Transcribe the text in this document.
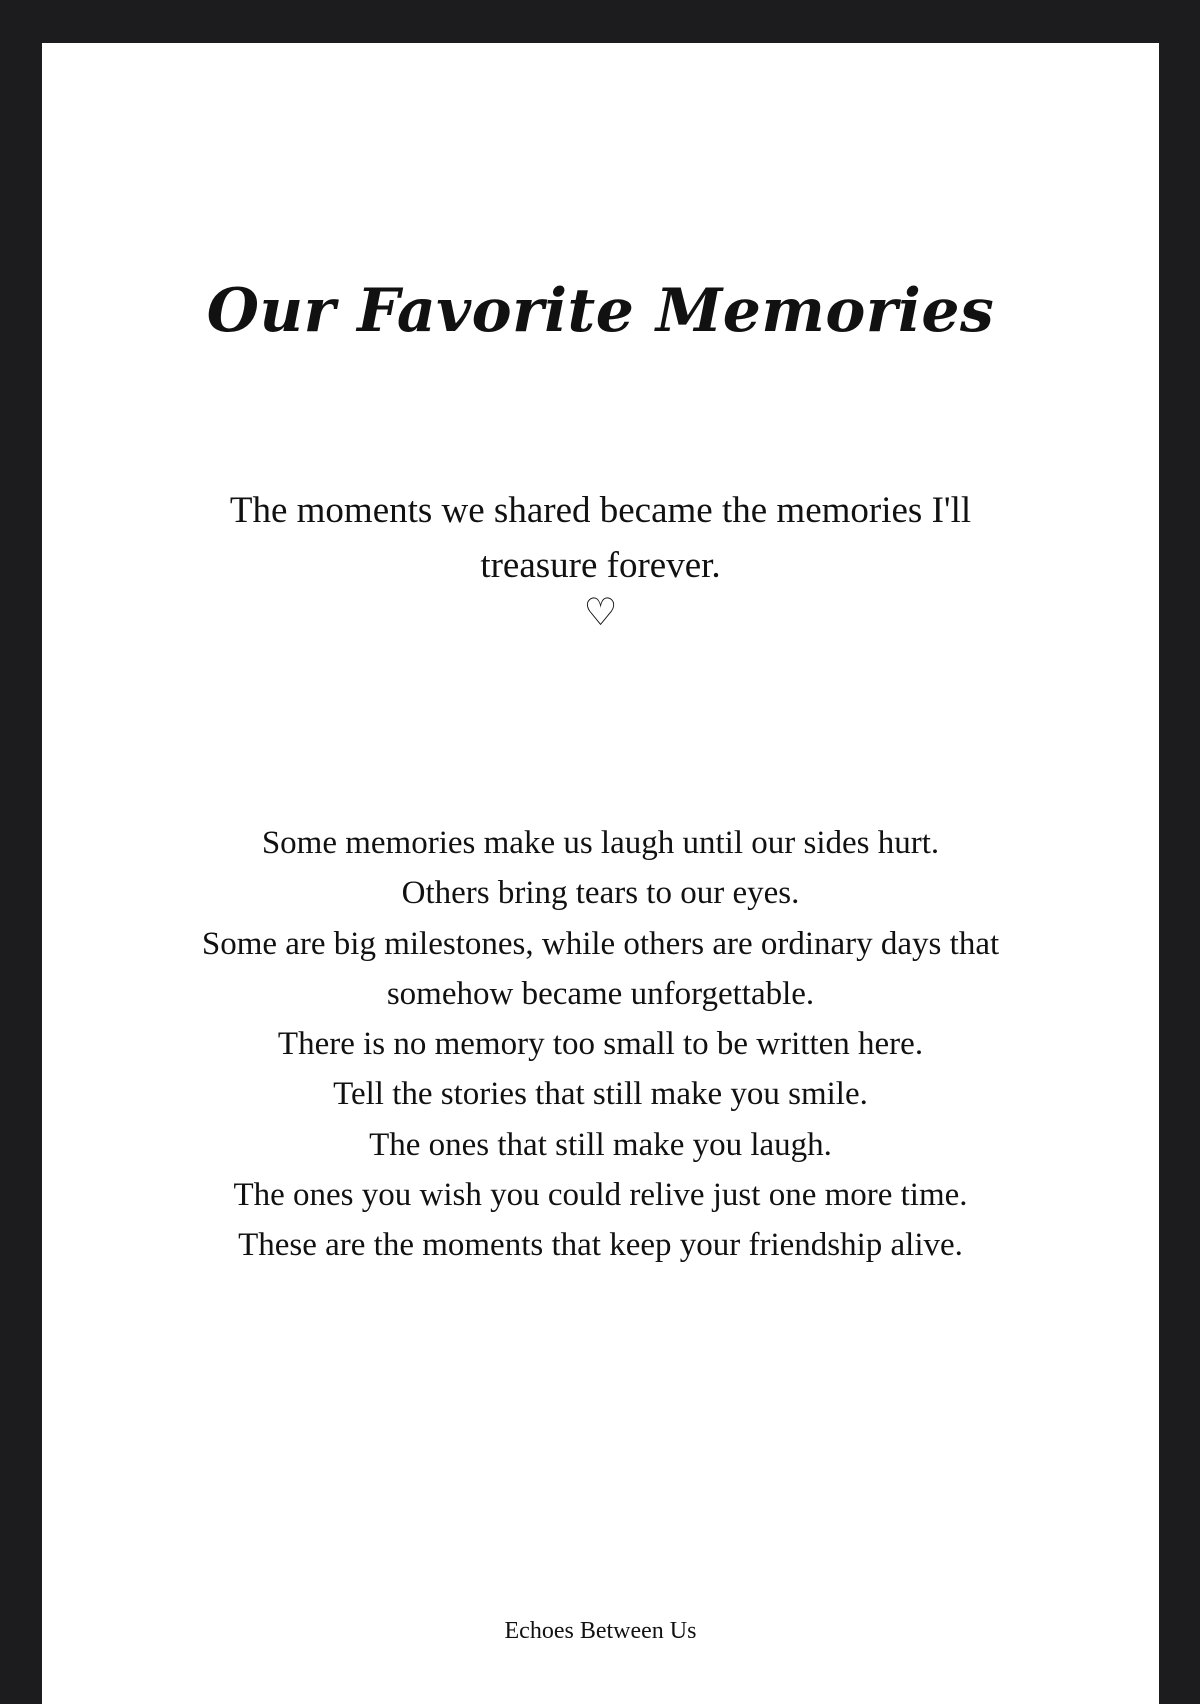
Our Favorite Memories

The moments we shared became the memories I'll treasure forever.

♡

Some memories make us laugh until our sides hurt.
Others bring tears to our eyes.
Some are big milestones, while others are ordinary days that somehow became unforgettable.
There is no memory too small to be written here.
Tell the stories that still make you smile.
The ones that still make you laugh.
The ones you wish you could relive just one more time.
These are the moments that keep your friendship alive.

Echoes Between Us
